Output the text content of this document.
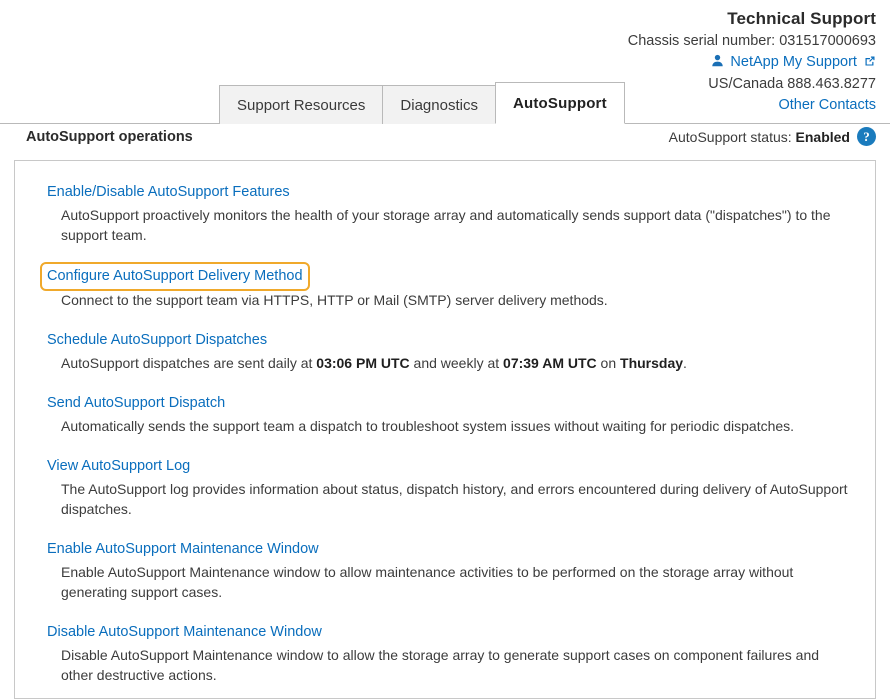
Technical Support
Chassis serial number: 031517000693
NetApp My Support
US/Canada 888.463.8277
Other Contacts
Support Resources Diagnostics AutoSupport
AutoSupport operations	AutoSupport status: Enabled	?
Enable/Disable AutoSupport Features
AutoSupport proactively monitors the health of your storage array and automatically sends support data ("dispatches") to the support team.
Configure AutoSupport Delivery Method
Connect to the support team via HTTPS, HTTP or Mail (SMTP) server delivery methods.
Schedule AutoSupport Dispatches
AutoSupport dispatches are sent daily at 03:06 PM UTC and weekly at 07:39 AM UTC on Thursday.
Send AutoSupport Dispatch
Automatically sends the support team a dispatch to troubleshoot system issues without waiting for periodic dispatches.
View AutoSupport Log
The AutoSupport log provides information about status, dispatch history, and errors encountered during delivery of AutoSupport dispatches.
Enable AutoSupport Maintenance Window
Enable AutoSupport Maintenance window to allow maintenance activities to be performed on the storage array without generating support cases.
Disable AutoSupport Maintenance Window
Disable AutoSupport Maintenance window to allow the storage array to generate support cases on component failures and other destructive actions.
